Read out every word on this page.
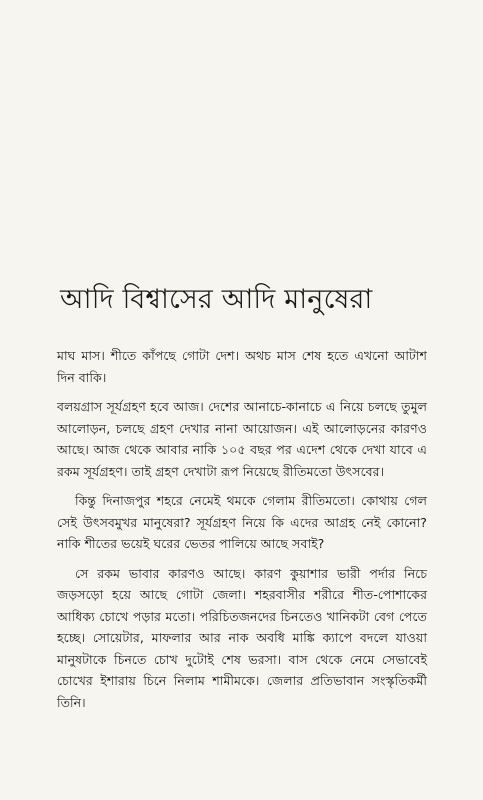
আদি বিশ্বাসের আদি মানুষেরা

মাঘ মাস। শীতে কাঁপছে গোটা দেশ। অথচ মাস শেষ হতে এখনো আটাশ দিন বাকি।

বলয়গ্রাস সূর্যগ্রহণ হবে আজ। দেশের আনাচে-কানাচে এ নিয়ে চলছে তুমুল আলোড়ন, চলছে গ্রহণ দেখার নানা আয়োজন। এই আলোড়নের কারণও আছে। আজ থেকে আবার নাকি ১০৫ বছর পর এদেশ থেকে দেখা যাবে এ রকম সূর্যগ্রহণ। তাই গ্রহণ দেখাটা রূপ নিয়েছে রীতিমতো উৎসবের।

কিন্তু দিনাজপুর শহরে নেমেই থমকে গেলাম রীতিমতো। কোথায় গেল সেই উৎসবমুখর মানুষেরা? সূর্যগ্রহণ নিয়ে কি এদের আগ্রহ নেই কোনো? নাকি শীতের ভয়েই ঘরের ভেতর পালিয়ে আছে সবাই?

সে রকম ভাবার কারণও আছে। কারণ কুয়াশার ভারী পর্দার নিচে জড়সড়ো হয়ে আছে গোটা জেলা। শহরবাসীর শরীরে শীত-পোশাকের আধিক্য চোখে পড়ার মতো। পরিচিতজনদের চিনতেও খানিকটা বেগ পেতে হচ্ছে। সোয়েটার, মাফলার আর নাক অবধি মাঙ্কি ক্যাপে বদলে যাওয়া মানুষটাকে চিনতে চোখ দুটোই শেষ ভরসা। বাস থেকে নেমে সেভাবেই চোখের ইশারায় চিনে নিলাম শামীমকে। জেলার প্রতিভাবান সংস্কৃতিকর্মী তিনি।
